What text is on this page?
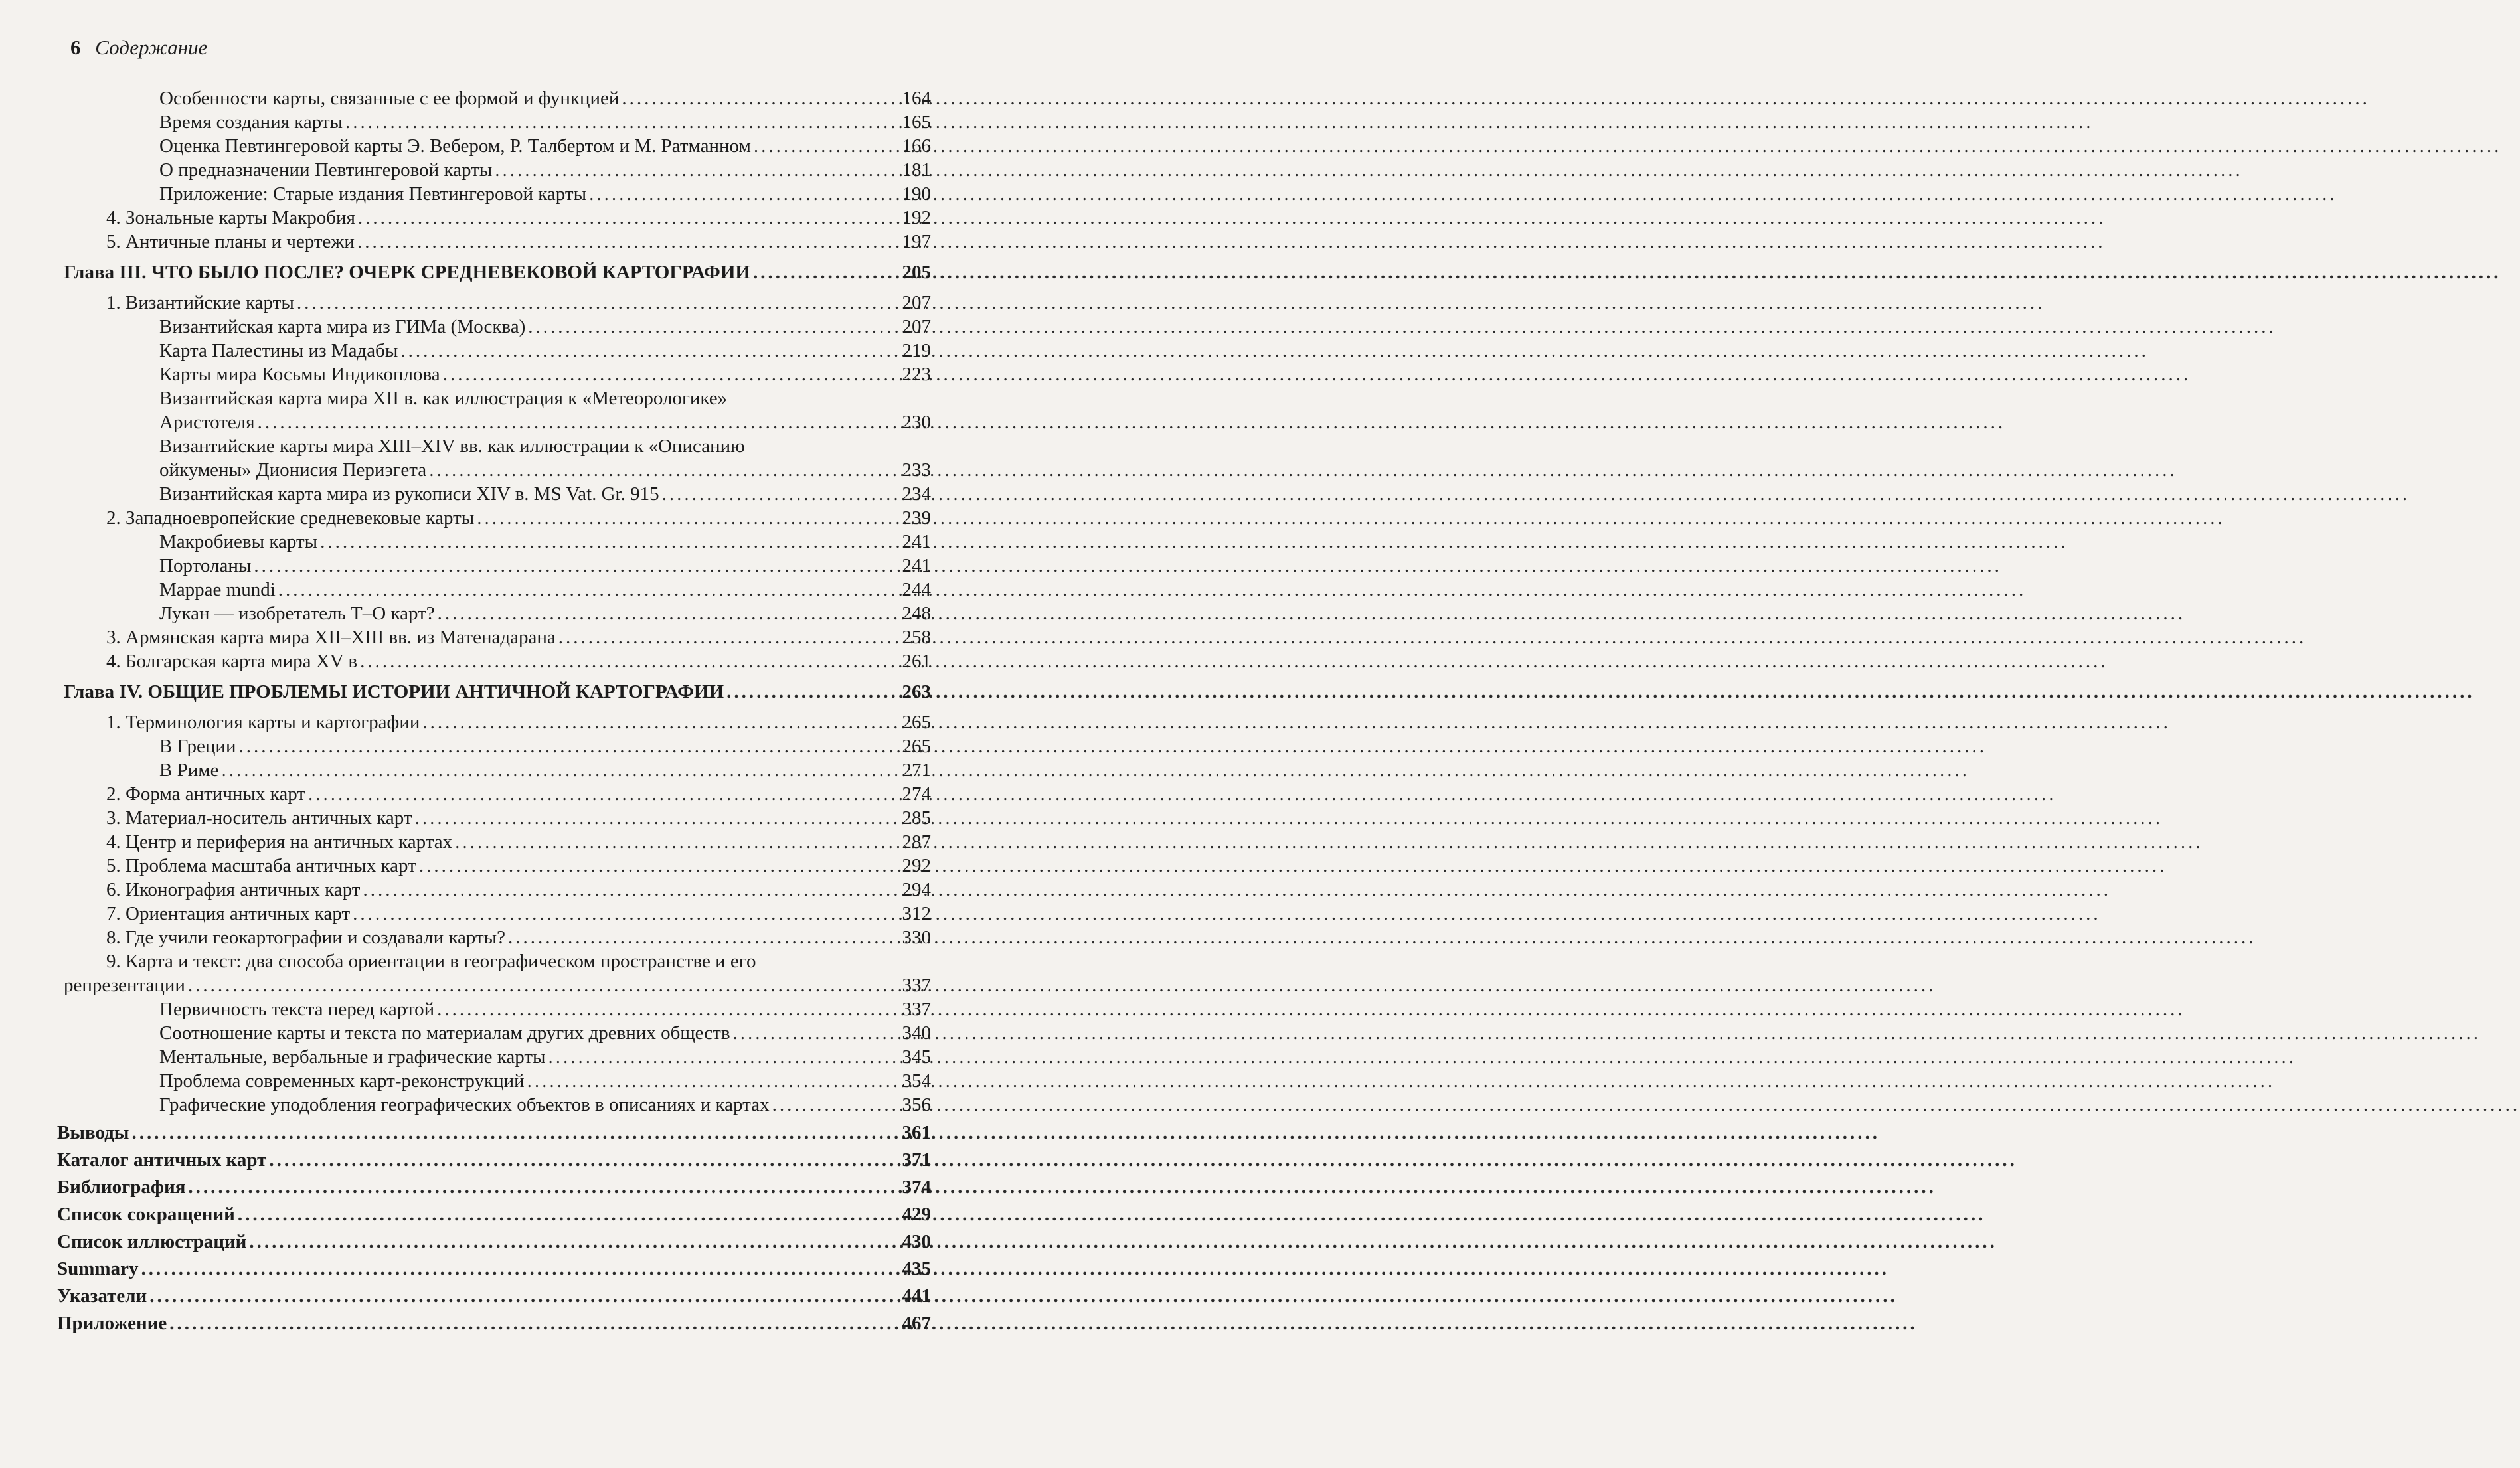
6 Содержание
Особенности карты, связанные с ее формой и функцией .....	164
Время создания карты .....	165
Оценка Певтингеровой карты Э. Вебером, Р. Талбертом и М. Ратманном .....	166
О предназначении Певтингеровой карты .....	181
Приложение: Старые издания Певтингеровой карты .....	190
4. Зональные карты Макробия .....	192
5. Античные планы и чертежи .....	197
Глава III. ЧТО БЫЛО ПОСЛЕ? ОЧЕРК СРЕДНЕВЕКОВОЙ КАРТОГРАФИИ .....	205
1. Византийские карты .....	207
Византийская карта мира из ГИМа (Москва) .....	207
Карта Палестины из Мадабы .....	219
Карты мира Косьмы Индикоплова .....	223
Византийская карта мира XII в. как иллюстрация к «Метеорологике»
Аристотеля .....	230
Византийские карты мира XIII–XIV вв. как иллюстрации к «Описанию
ойкумены» Дионисия Периэгета .....	233
Византийская карта мира из рукописи XIV в. MS Vat. Gr. 915 .....	234
2. Западноевропейские средневековые карты .....	239
Макробиевы карты .....	241
Портоланы .....	241
Mappae mundi .....	244
Лукан — изобретатель T–O карт? .....	248
3. Армянская карта мира XII–XIII вв. из Матенадарана .....	258
4. Болгарская карта мира XV в .....	261
Глава IV. ОБЩИЕ ПРОБЛЕМЫ ИСТОРИИ АНТИЧНОЙ КАРТОГРАФИИ .....	263
1. Терминология карты и картографии .....	265
В Греции .....	265
В Риме .....	271
2. Форма античных карт .....	274
3. Материал-носитель античных карт .....	285
4. Центр и периферия на античных картах .....	287
5. Проблема масштаба античных карт .....	292
6. Иконография античных карт .....	294
7. Ориентация античных карт .....	312
8. Где учили геокартографии и создавали карты? .....	330
9. Карта и текст: два способа ориентации в географическом пространстве и его
репрезентации .....	337
Первичность текста перед картой .....	337
Соотношение карты и текста по материалам других древних обществ .....	340
Ментальные, вербальные и графические карты .....	345
Проблема современных карт-реконструкций .....	354
Графические уподобления географических объектов в описаниях и картах .....	356
Выводы .....	361
Каталог античных карт .....	371
Библиография .....	374
Список сокращений .....	429
Список иллюстраций .....	430
Summary .....	435
Указатели .....	441
Приложение .....	467
